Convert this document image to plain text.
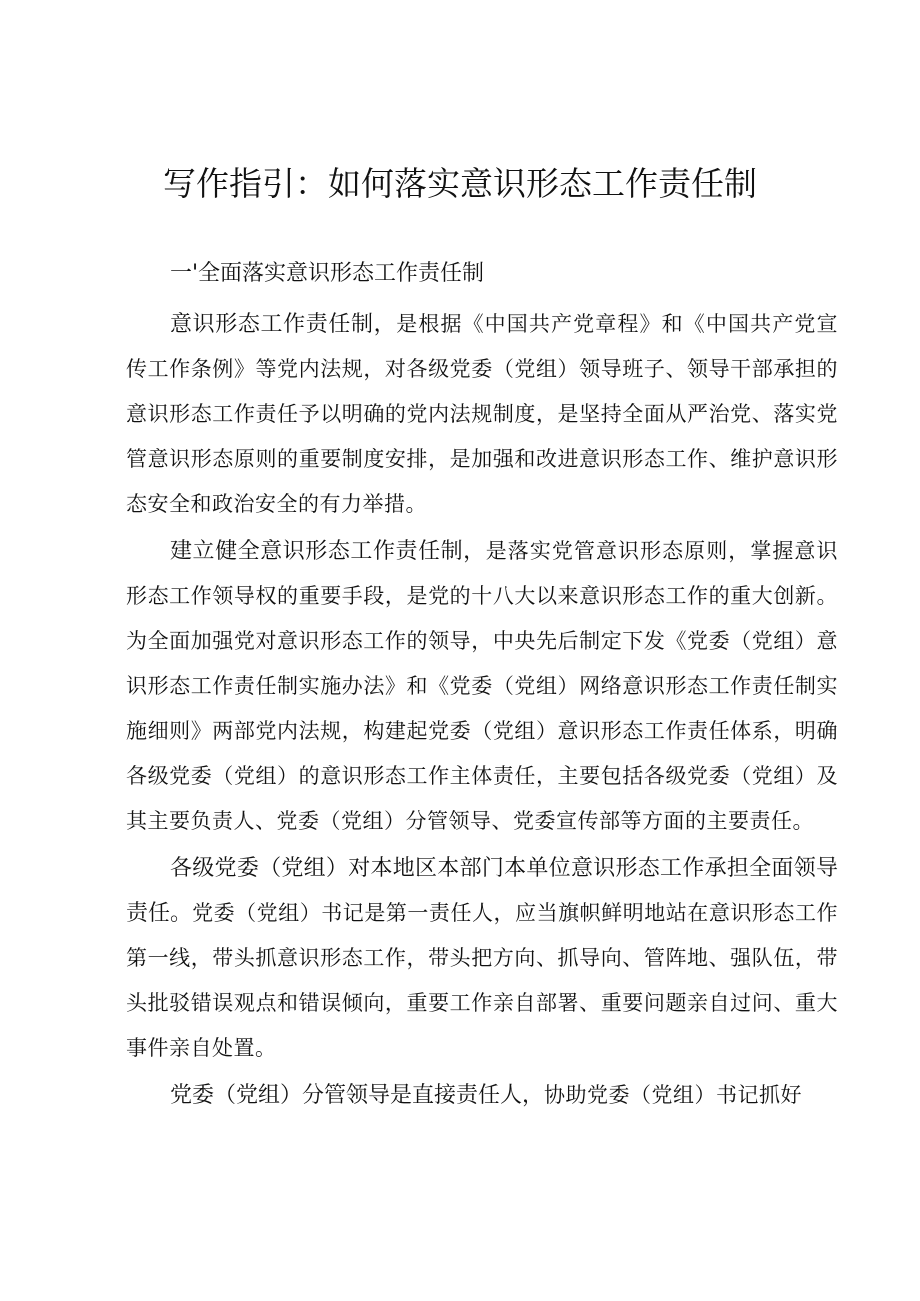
写作指引：如何落实意识形态工作责任制
一'全面落实意识形态工作责任制

意识形态工作责任制，是根据《中国共产党章程》和《中国共产党宣传工作条例》等党内法规，对各级党委（党组）领导班子、领导干部承担的意识形态工作责任予以明确的党内法规制度，是坚持全面从严治党、落实党管意识形态原则的重要制度安排，是加强和改进意识形态工作、维护意识形态安全和政治安全的有力举措。

建立健全意识形态工作责任制，是落实党管意识形态原则，掌握意识形态工作领导权的重要手段，是党的十八大以来意识形态工作的重大创新。为全面加强党对意识形态工作的领导，中央先后制定下发《党委（党组）意识形态工作责任制实施办法》和《党委（党组）网络意识形态工作责任制实施细则》两部党内法规，构建起党委（党组）意识形态工作责任体系，明确各级党委（党组）的意识形态工作主体责任，主要包括各级党委（党组）及其主要负责人、党委（党组）分管领导、党委宣传部等方面的主要责任。

各级党委（党组）对本地区本部门本单位意识形态工作承担全面领导责任。党委（党组）书记是第一责任人，应当旗帜鲜明地站在意识形态工作第一线，带头抓意识形态工作，带头把方向、抓导向、管阵地、强队伍，带头批驳错误观点和错误倾向，重要工作亲自部署、重要问题亲自过问、重大事件亲自处置。

党委（党组）分管领导是直接责任人，协助党委（党组）书记抓好
